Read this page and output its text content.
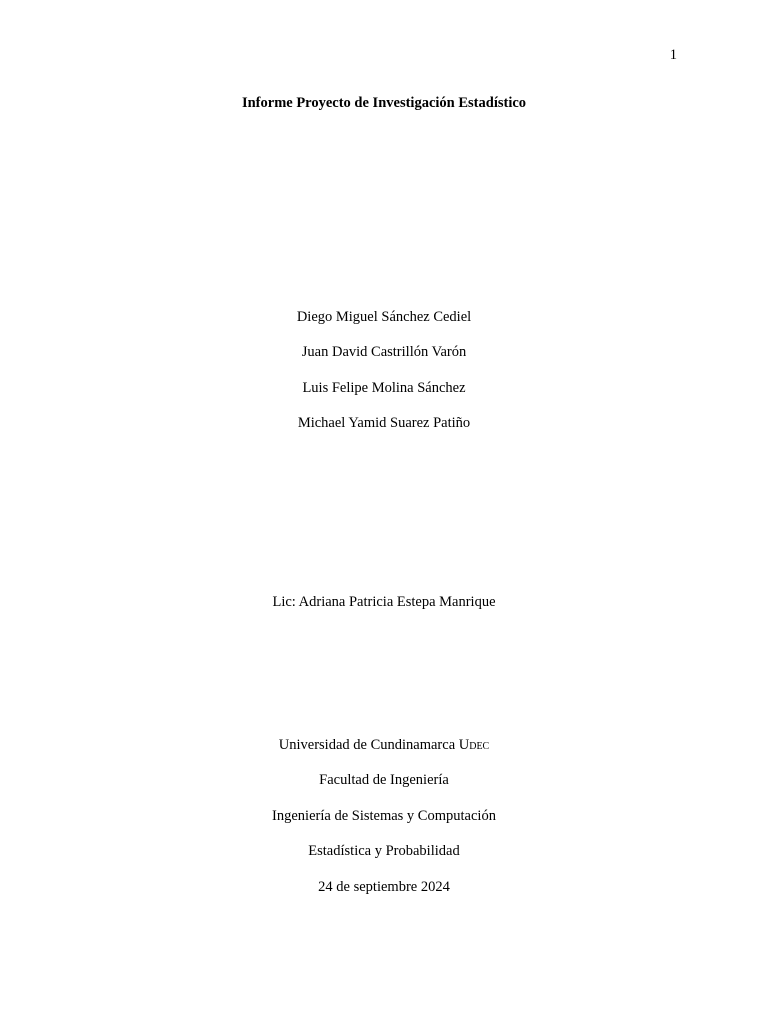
1
Informe Proyecto de Investigación Estadístico
Diego Miguel Sánchez Cediel
Juan David Castrillón Varón
Luis Felipe Molina Sánchez
Michael Yamid Suarez Patiño
Lic: Adriana Patricia Estepa Manrique
Universidad de Cundinamarca Udec
Facultad de Ingeniería
Ingeniería de Sistemas y Computación
Estadística y Probabilidad
24 de septiembre 2024
